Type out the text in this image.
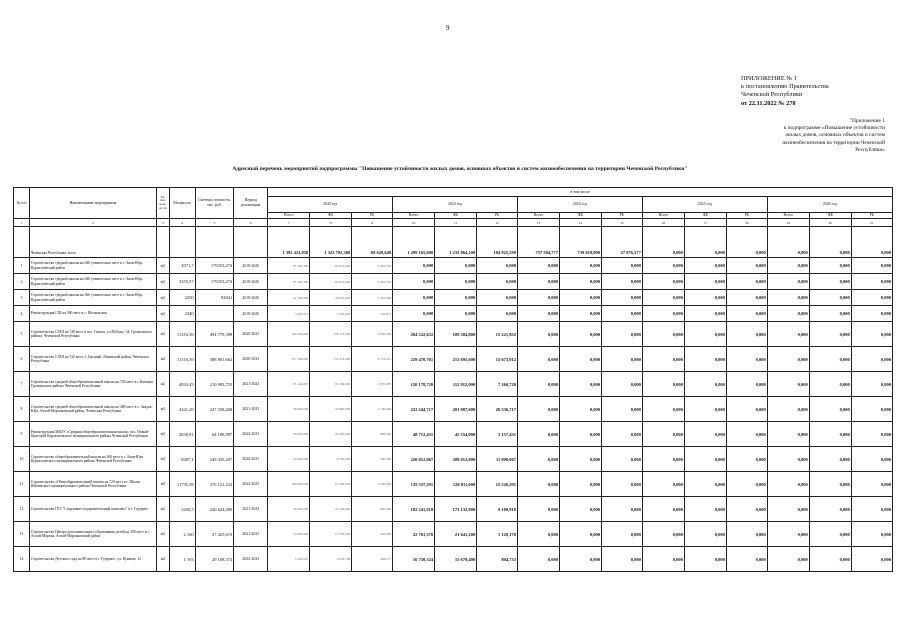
9
ПРИЛОЖЕНИЕ № 1
к постановлению Правительства
Чеченской Республики
от 22.11.2022 № 278
"Приложение 1
к подпрограмме «Повышение устойчивости
жилых домов, основных объектов и систем
жизнеобеспечения на территории Чеченской
Республики»
Адресный перечень мероприятий подпрограммы "Повышение устойчивости жилых домов, основных объектов и систем жизнеобеспечения на территории Чеченской Республики"
№ п/п	Наименование мероприятия	Ед. изм. мощ-ности	Мощность	Сметная стоимость, тыс. руб.	Период реализации	в том числе														
						2022 год			2023 год			2024 год			2025 год			2026 год		
						Всего	ФБ	РБ	Всего	ФБ	РБ	Всего	ФБ	РБ	Всего	ФБ	РБ	Всего	ФБ	РБ
1	2	3	4	5	6	7	8	9	10	11	12	13	14	15	16	17	18	19	20	21
	Чеченская Республика, всего					1 392 422,950	1 322 792,300	69 628,649	1 299 165,600	1 233 864,100	104 925,599	757 584,777	739 618,000	27 876,377	0,000	0,000	0,000	0,000	0,000	0,000
1	Строительство средней школы на 640 ученических мест в с. Бачи-Юрт, Курчалоевский район	м2	4971,7	179353,274	2018-2020	83 103,345	80 610,000	2 493,345	0,000	0,000	0,000	0,000	0,000	0,000	0,000	0,000	0,000	0,000	0,000	0,000
2	Строительство средней школы на 640 ученических мест в с. Бачи-Юрт, Курчалоевский район	м2	3255,57	179353,274	2018-2020	83 103,345	80 610,000	2 493,345	0,000	0,000	0,000	0,000	0,000	0,000	0,000	0,000	0,000	0,000	0,000	0,000
3	Строительство средней школы на 360 ученических мест в с. Бачи-Юрт, Курчалоевский район	м2	2250	92041	2018-2020	42 104,000	40 841,000	1 263,000	0,000	0,000	0,000	0,000	0,000	0,000	0,000	0,000	0,000	0,000	0,000	0,000
4	Реконструкция СШ на 360 мест в с. Шелковская	м2	2340		2018-2020	3 495,711	3 391,000	104,871	0,000	0,000	0,000	0,000	0,000	0,000	0,000	0,000	0,000	0,000	0,000	0,000
5	Строительство СОШ на 720 мест в пос. Гикало, ул.Победы, 34, Грозненского района, Чеченской Республики	м2	11316,39	494 779,398	2020-2023	161 004,000	156 174,000	4 830,456	204 522,652	189 504,800	15 221,852	0,000	0,000	0,000	0,000	0,000	0,000	0,000	0,000	0,000
6	Строительство СОШ на 720 мест, г. Грозный, Ленинский район, Чеченская Республика	м2	11316,39	388 801,662	2020-2023	157 190,600	152 474,000	4 716,411	229 470,761	213 695,600	15 673,912	0,000	0,000	0,000	0,000	0,000	0,000	0,000	0,000	0,000
7	Строительство средней общеобразовательной школы на 720 мест в с.Катаяма Грозненского района Чеченской Республики	м2	4033,45	210 983,755	2021-2023	65 144,087	63 189,000	1 955,087	120 178,720	112 912,000	7 266,720	0,000	0,000	0,000	0,000	0,000	0,000	0,000	0,000	0,000
8	Строительство средней общеобразовательной школы на 480 мест в с. Зандак-Юрт, Ачхой-Мартановский район, Чеченская Республика	м2	4341,29	247 358,268	2021-2023	38 000,000	36 860,000	1 140,000	222 244,717	201 907,600	20 336,717	0,000	0,000	0,000	0,000	0,000	0,000	0,000	0,000	0,000
9	Реконструкция МБОУ «Средняя общеобразовательная школа» пос. Новый-Центорой Курчалоевского муниципального района Чеченской Республики	м2	2030,91	64 188,997	2022-2023	30 000,000	29 100,000	900,000	48 712,431	45 554,000	3 157,431	0,000	0,000	0,000	0,000	0,000	0,000	0,000	0,000	0,000
10	Строительство общеобразовательной школы на 360 мест в с. Бачи-Юрт Курчалоевского муниципального района Чеченской Республики	м2	8487,1	249 435,207	2022-2023	10 000,000	9 700,000	300,000	220 012,067	209 012,000	11 000,067	0,000	0,000	0,000	0,000	0,000	0,000	0,000	0,000	0,000
11	Строительство «Общеобразовательной школы на 720 мест в г. Шали» Шалинского муниципального района Чеченской Республики	м2	11735,58	376 121,232	2022-2025	100 000,000	97 000,000	3 000,000	135 537,291	120 011,000	15 526,291	0,000	0,000	0,000	0,000	0,000	0,000	0,000	0,000	0,000
12	Строительство ГБУ "Спортивно-оздоровительный комплекс" в г. Гудермес	м2	3450,5	220 624,496	2021-2023	30 000,000	29 100,000	900,000	182 241,918	173 132,000	9 109,918	0,000	0,000	0,000	0,000	0,000	0,000	0,000	0,000	0,000
13	Строительство Центра дополнительного образования детей на 300 мест в с. Ачхой-Мартан, Ачхой-Мартановский район	м2	2 160	27 425,619	2021-2023	15 000,000	14 550,000	450,000	22 761,370	21 641,200	1 120,170	0,000	0,000	0,000	0,000	0,000	0,000	0,000	0,000	0,000
14	Строительство Детского сада на 80 мест в г. Гудермес, ул. Кунаева, 12	м2	1 193	29 108,372	2022-2023	5 202,001	4 936,700	466,117	16 758,324	15 679,400	804,733	0,000	0,000	0,000	0,000	0,000	0,000	0,000	0,000	0,000
